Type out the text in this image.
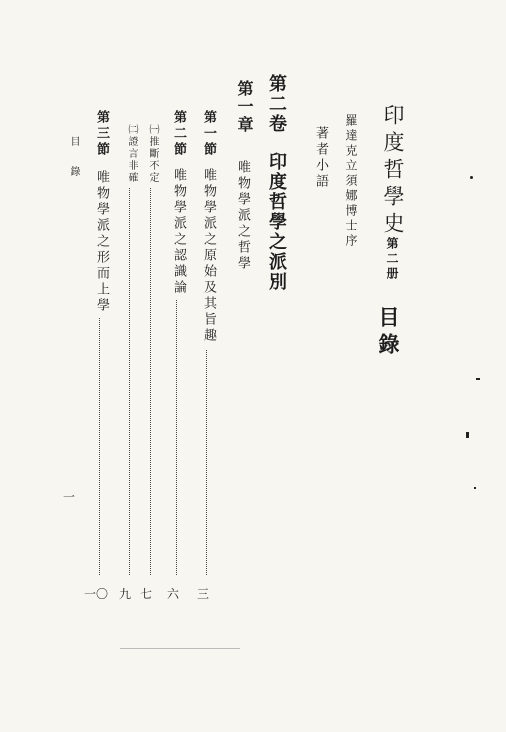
印度哲學史
第二册
目錄
羅達克立須娜博士序
著者小語
第二卷
印度哲學之派別
第一章
唯物學派之哲學
第一節
唯物學派之原始及其旨趣
三
第二節
唯物學派之認識論
六
㈠推斷不定
七
㈡證言非確
九
第三節
唯物學派之形而上學
一〇
目錄
一
